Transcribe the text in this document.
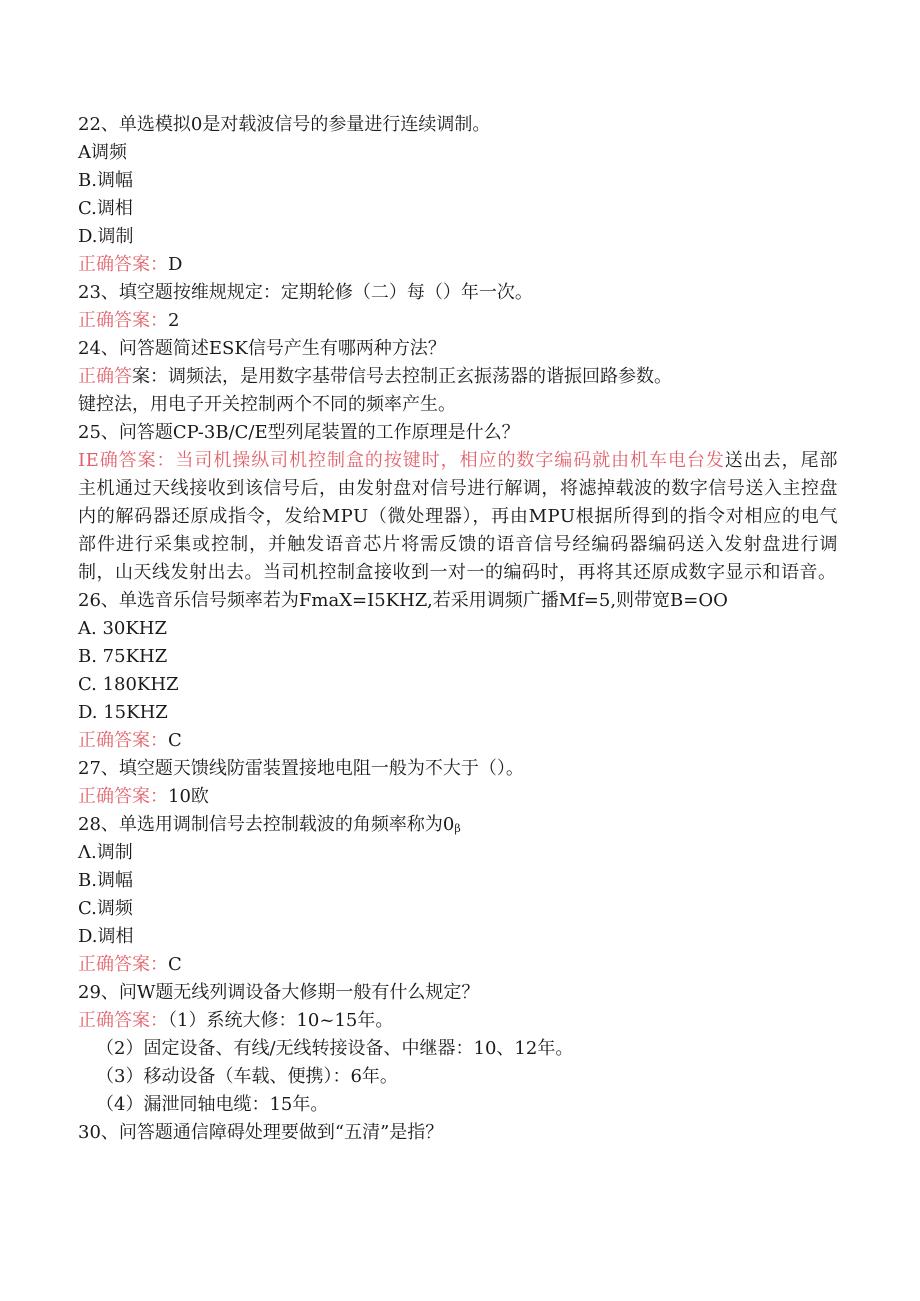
22、单选模拟0是对载波信号的参量进行连续调制。
A调频
B.调幅
C.调相
D.调制
正确答案：D
23、填空题按维规规定：定期轮修（二）每（）年一次。
正确答案：2
24、问答题简述ESK信号产生有哪两种方法？
正确答案：调频法，是用数字基带信号去控制正玄振荡器的谐振回路参数。
键控法，用电子开关控制两个不同的频率产生。
25、问答题CP-3B/C/E型列尾装置的工作原理是什么？
IE确答案：当司机操纵司机控制盒的按键时，相应的数字编码就由机车电台发送出去，尾部主机通过天线接收到该信号后，由发射盘对信号进行解调，将滤掉载波的数字信号送入主控盘内的解码器还原成指令，发给MPU（微处理器），再由MPU根据所得到的指令对相应的电气部件进行采集或控制，并触发语音芯片将需反馈的语音信号经编码器编码送入发射盘进行调制，山天线发射出去。当司机控制盒接收到一对一的编码时，再将其还原成数字显示和语音。
26、单选音乐信号频率若为FmaX=I5KHZ,若采用调频广播Mf=5,则带宽B=OO
A. 30KHZ
B. 75KHZ
C. 180KHZ
D. 15KHZ
正确答案：C
27、填空题天馈线防雷装置接地电阻一般为不大于（）。
正确答案：10欧
28、单选用调制信号去控制载波的角频率称为0β
Λ.调制
B.调幅
C.调频
D.调相
正确答案：C
29、问W题无线列调设备大修期一般有什么规定？
正确答案：（1）系统大修：10~15年。
（2）固定设备、有线/无线转接设备、中继器：10、12年。
（3）移动设备（车载、便携）：6年。
（4）漏泄同轴电缆：15年。
30、问答题通信障碍处理要做到“五清”是指？
